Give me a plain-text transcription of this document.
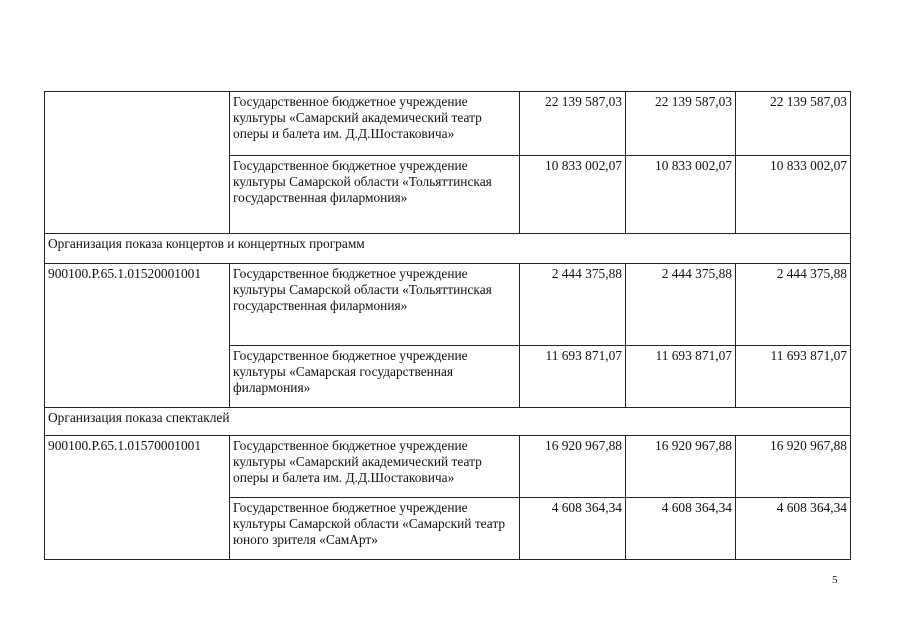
	Государственное бюджетное учреждение культуры «Самарский академический театр оперы и балета им. Д.Д.Шостаковича»	22 139 587,03	22 139 587,03	22 139 587,03
	Государственное бюджетное учреждение культуры Самарской области «Тольяттинская государственная филармония»	10 833 002,07	10 833 002,07	10 833 002,07
Организация показа концертов и концертных программ				
900100.Р.65.1.01520001001	Государственное бюджетное учреждение культуры Самарской области «Тольяттинская государственная филармония»	2 444 375,88	2 444 375,88	2 444 375,88
	Государственное бюджетное учреждение культуры «Самарская государственная филармония»	11 693 871,07	11 693 871,07	11 693 871,07
Организация показа спектаклей				
900100.Р.65.1.01570001001	Государственное бюджетное учреждение культуры «Самарский академический театр оперы и балета им. Д.Д.Шостаковича»	16 920 967,88	16 920 967,88	16 920 967,88
	Государственное бюджетное учреждение культуры Самарской области «Самарский театр юного зрителя «СамАрт»	4 608 364,34	4 608 364,34	4 608 364,34
5
